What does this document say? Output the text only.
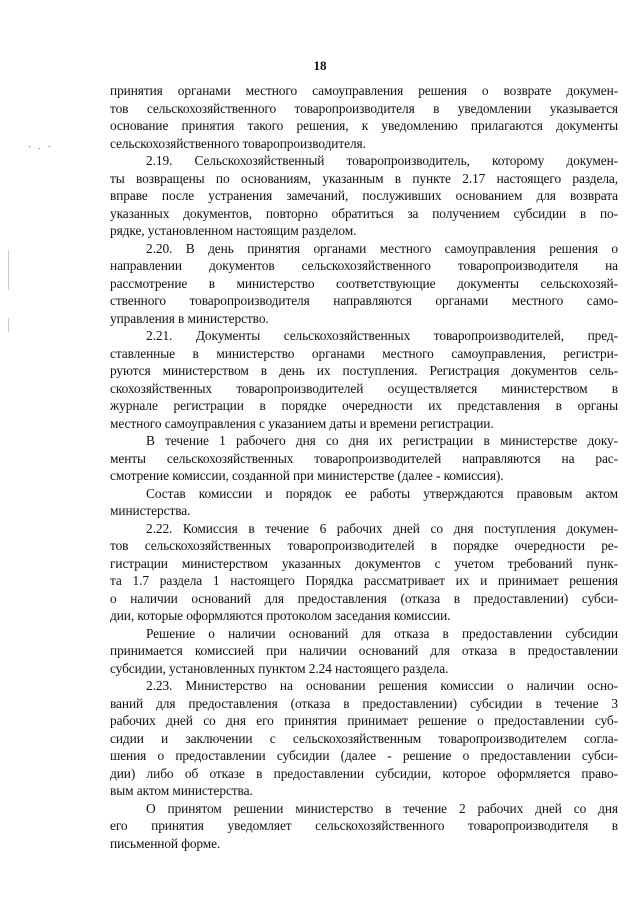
18
- . -
принятия органами местного самоуправления решения о возврате докумен-
тов сельскохозяйственного товаропроизводителя в уведомлении указывается
основание принятия такого решения, к уведомлению прилагаются документы
сельскохозяйственного товаропроизводителя.
2.19. Сельскохозяйственный товаропроизводитель, которому докумен-
ты возвращены по основаниям, указанным в пункте 2.17 настоящего раздела,
вправе после устранения замечаний, послуживших основанием для возврата
указанных документов, повторно обратиться за получением субсидии в по-
рядке, установленном настоящим разделом.
2.20. В день принятия органами местного самоуправления решения о
направлении документов сельскохозяйственного товаропроизводителя на
рассмотрение в министерство соответствующие документы сельскохозяй-
ственного товаропроизводителя направляются органами местного само-
управления в министерство.
2.21. Документы сельскохозяйственных товаропроизводителей, пред-
ставленные в министерство органами местного самоуправления, регистри-
руются министерством в день их поступления. Регистрация документов сель-
скохозяйственных товаропроизводителей осуществляется министерством в
журнале регистрации в порядке очередности их представления в органы
местного самоуправления с указанием даты и времени регистрации.
В течение 1 рабочего дня со дня их регистрации в министерстве доку-
менты сельскохозяйственных товаропроизводителей направляются на рас-
смотрение комиссии, созданной при министерстве (далее - комиссия).
Состав комиссии и порядок ее работы утверждаются правовым актом
министерства.
2.22. Комиссия в течение 6 рабочих дней со дня поступления докумен-
тов сельскохозяйственных товаропроизводителей в порядке очередности ре-
гистрации министерством указанных документов с учетом требований пунк-
та 1.7 раздела 1 настоящего Порядка рассматривает их и принимает решения
о наличии оснований для предоставления (отказа в предоставлении) субси-
дии, которые оформляются протоколом заседания комиссии.
Решение о наличии оснований для отказа в предоставлении субсидии
принимается комиссией при наличии оснований для отказа в предоставлении
субсидии, установленных пунктом 2.24 настоящего раздела.
2.23. Министерство на основании решения комиссии о наличии осно-
ваний для предоставления (отказа в предоставлении) субсидии в течение 3
рабочих дней со дня его принятия принимает решение о предоставлении суб-
сидии и заключении с сельскохозяйственным товаропроизводителем согла-
шения о предоставлении субсидии (далее - решение о предоставлении субси-
дии) либо об отказе в предоставлении субсидии, которое оформляется право-
вым актом министерства.
О принятом решении министерство в течение 2 рабочих дней со дня
его принятия уведомляет сельскохозяйственного товаропроизводителя в
письменной форме.
